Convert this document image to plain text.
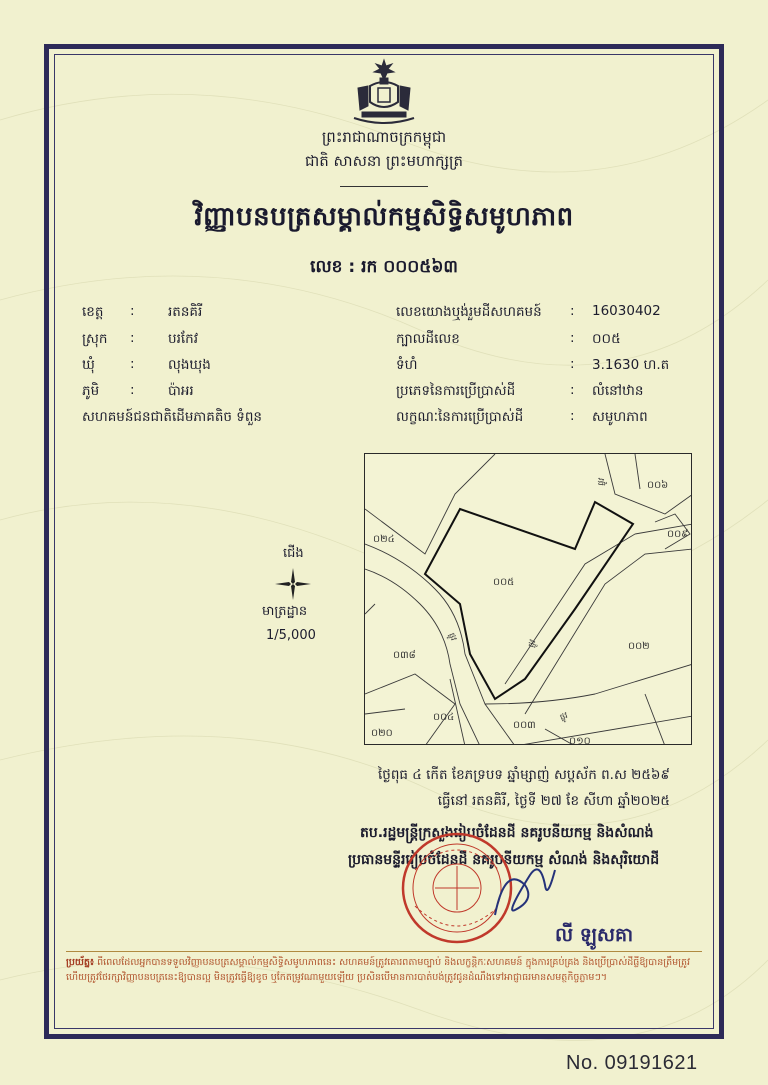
ព្រះរាជាណាចក្រកម្ពុជា
ជាតិ សាសនា ព្រះមហាក្សត្រ
វិញ្ញាបនបត្រសម្គាល់កម្មសិទ្ធិសមូហភាព
លេខ : រក ០០០៥៦៣
ខេត្ត : រតនគិរី
ស្រុក : បរកែវ
ឃុំ	: លុងឃុង
ភូមិ : ប៉ាអរ
សហគមន៍ជនជាតិដើមភាគតិច ទំពួន
លេខយោងឬង់រួមដីសហគមន៍ : 16030402
ក្បាលដីលេខ	: ០០៥
ទំហំ	: 3.1630 ហ.ត
ប្រភេទនៃការប្រើប្រាស់ដី	: លំនៅឋាន
លក្ខណៈនៃការប្រើប្រាស់ដី	: សមូហភាព
០០៦
០២៤	០០៩
០០៥
០៣៨
០០២
០០៤
០០៣
០២០
០១០
ផ្លូវ
ផ្លូវ
ផ្លូវ
ផ្លូវ
ជើង
មាត្រដ្ឋាន
1/5,000
ថ្ងៃពុធ ៤ កើត ខែភទ្របទ ឆ្នាំម្សាញ់ សប្តស័ក ព.ស ២៥៦៩
ធ្វើនៅ រតនគិរី, ថ្ងៃទី ២៧ ខែ សីហា ឆ្នាំ២០២៥
តប.រដ្ឋមន្ត្រីក្រសួងរៀបចំដែនដី នគរូបនីយកម្ម និងសំណង់
ប្រធានមន្ទីររៀបចំដែនដី នគរូបនីយកម្ម សំណង់ និងសុរិយោដី
លី ឡូសគា
ប្រយ័ត្ន៖ ពីពេលដែលអ្នកបានទទួលវិញ្ញាបនបត្រសម្គាល់កម្មសិទ្ធិសមូហភាពនេះ សហគមន៍ត្រូវគោរពតាមច្បាប់ និងលក្ខន្តិកៈសហគមន៍ ក្នុងការគ្រប់គ្រង និងប្រើប្រាស់ដីធ្លីឱ្យបានត្រឹមត្រូវ ហើយត្រូវថែរក្សាវិញ្ញាបនបត្រនេះឱ្យបានល្អ មិនត្រូវធ្វើឱ្យខូច ឬកែតម្រូវណាមួយឡើយ ប្រសិនបើមានការបាត់បង់ត្រូវជូនដំណឹងទៅអាជ្ញាធរមានសមត្ថកិច្ចភ្លាមៗ។
No. 09191621
